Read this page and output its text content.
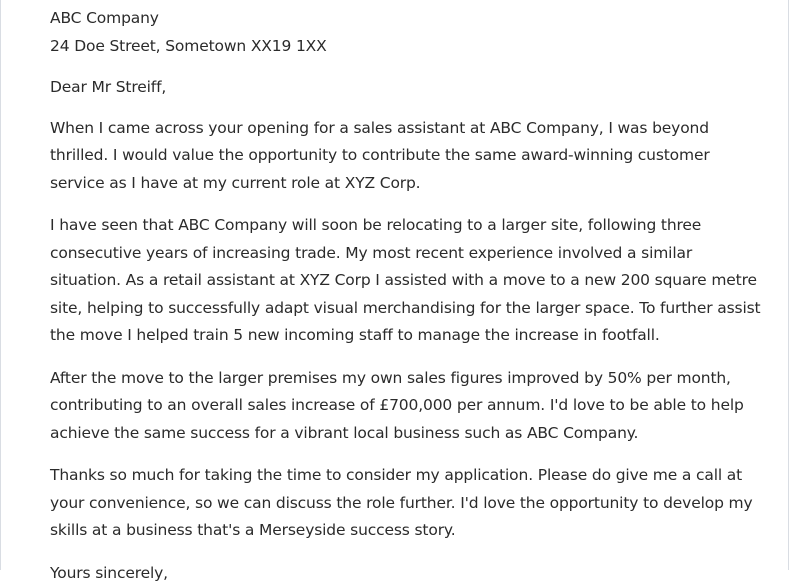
ABC Company
24 Doe Street, Sometown XX19 1XX
Dear Mr Streiff,
When I came across your opening for a sales assistant at ABC Company, I was beyond
thrilled. I would value the opportunity to contribute the same award-winning customer
service as I have at my current role at XYZ Corp.
I have seen that ABC Company will soon be relocating to a larger site, following three
consecutive years of increasing trade. My most recent experience involved a similar
situation. As a retail assistant at XYZ Corp I assisted with a move to a new 200 square metre
site, helping to successfully adapt visual merchandising for the larger space. To further assist
the move I helped train 5 new incoming staff to manage the increase in footfall.
After the move to the larger premises my own sales figures improved by 50% per month,
contributing to an overall sales increase of £700,000 per annum. I'd love to be able to help
achieve the same success for a vibrant local business such as ABC Company.
Thanks so much for taking the time to consider my application. Please do give me a call at
your convenience, so we can discuss the role further. I'd love the opportunity to develop my
skills at a business that's a Merseyside success story.
Yours sincerely,
